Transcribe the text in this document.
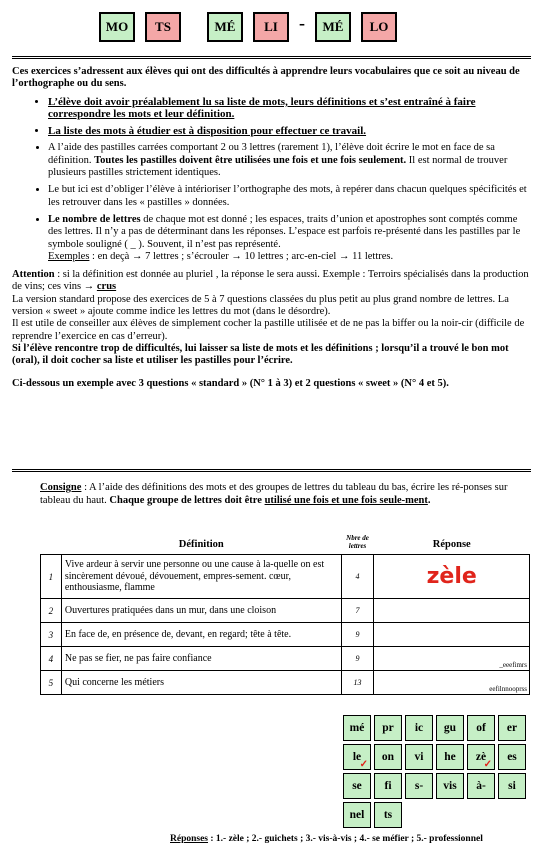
MO	TS	MÉ	LI	-	MÉ	LO

Ces exercices s’adressent aux élèves qui ont des difficultés à apprendre leurs vocabulaires que ce soit au niveau de l’orthographe ou du sens.

• L’élève doit avoir préalablement lu sa liste de mots, leurs définitions et s’est entraîné à faire correspondre les mots et leur définition.
• La liste des mots à étudier est à disposition pour effectuer ce travail.
• A l’aide des pastilles carrées comportant 2 ou 3 lettres (rarement 1), l’élève doit écrire le mot en face de sa définition. Toutes les pastilles doivent être utilisées une fois et une fois seulement. Il est normal de trouver plusieurs pastilles strictement identiques.
• Le but ici est d’obliger l’élève à intérioriser l’orthographe des mots, à repérer dans chacun quelques spécificités et les retrouver dans les « pastilles » données.
• Le nombre de lettres de chaque mot est donné ; les espaces, traits d’union et apostrophes sont comptés comme des lettres. Il n’y a pas de déterminant dans les réponses. L’espace est parfois re-présenté dans les pastilles par le symbole souligné ( _ ). Souvent, il n’est pas représenté.
Exemples : en deçà → 7 lettres ; s’écrouler → 10 lettres ; arc-en-ciel → 11 lettres.

Attention : si la définition est donnée au pluriel , la réponse le sera aussi. Exemple : Terroirs spécialisés dans la production de vins; ces vins → crus

La version standard propose des exercices de 5 à 7 questions classées du plus petit au plus grand nombre de lettres. La version « sweet » ajoute comme indice les lettres du mot (dans le désordre).

Il est utile de conseiller aux élèves de simplement cocher la pastille utilisée et de ne pas la biffer ou la noir-cir (difficile de reprendre l’exercice en cas d’erreur).

Si l’élève rencontre trop de difficultés, lui laisser sa liste de mots et les définitions ; lorsqu’il a trouvé le bon mot (oral), il doit cocher sa liste et utiliser les pastilles pour l’écrire.

Ci-dessous un exemple avec 3 questions « standard » (N° 1 à 3) et 2 questions « sweet » (N° 4 et 5).

Consigne : A l’aide des définitions des mots et des groupes de lettres du tableau du bas, écrire les ré-ponses sur tableau du haut. Chaque groupe de lettres doit être utilisé une fois et une fois seule-ment.
	Définition	Nbre de lettres	Réponse
1	Vive ardeur à servir une personne ou une cause à la-quelle on est sincèrement dévoué, dévouement, empres-sement. cœur, enthousiasme, flamme	4	zèle

2	Ouvertures pratiquées dans un mur, dans une cloison	7	
3	En face de, en présence de, devant, en regard; tête à tête.	9	
4	Ne pas se fier, ne pas faire confiance	9	_eeefimrs

5	Qui concerne les métiers	13	eefilnnooprss
mé pr ic gu of er
le
✓
on vi he zè
✓
es
se fi s- vis à- si
nel ts
Réponses : 1.- zèle ; 2.- guichets ; 3.- vis-à-vis ; 4.- se méfier ; 5.- professionnel
